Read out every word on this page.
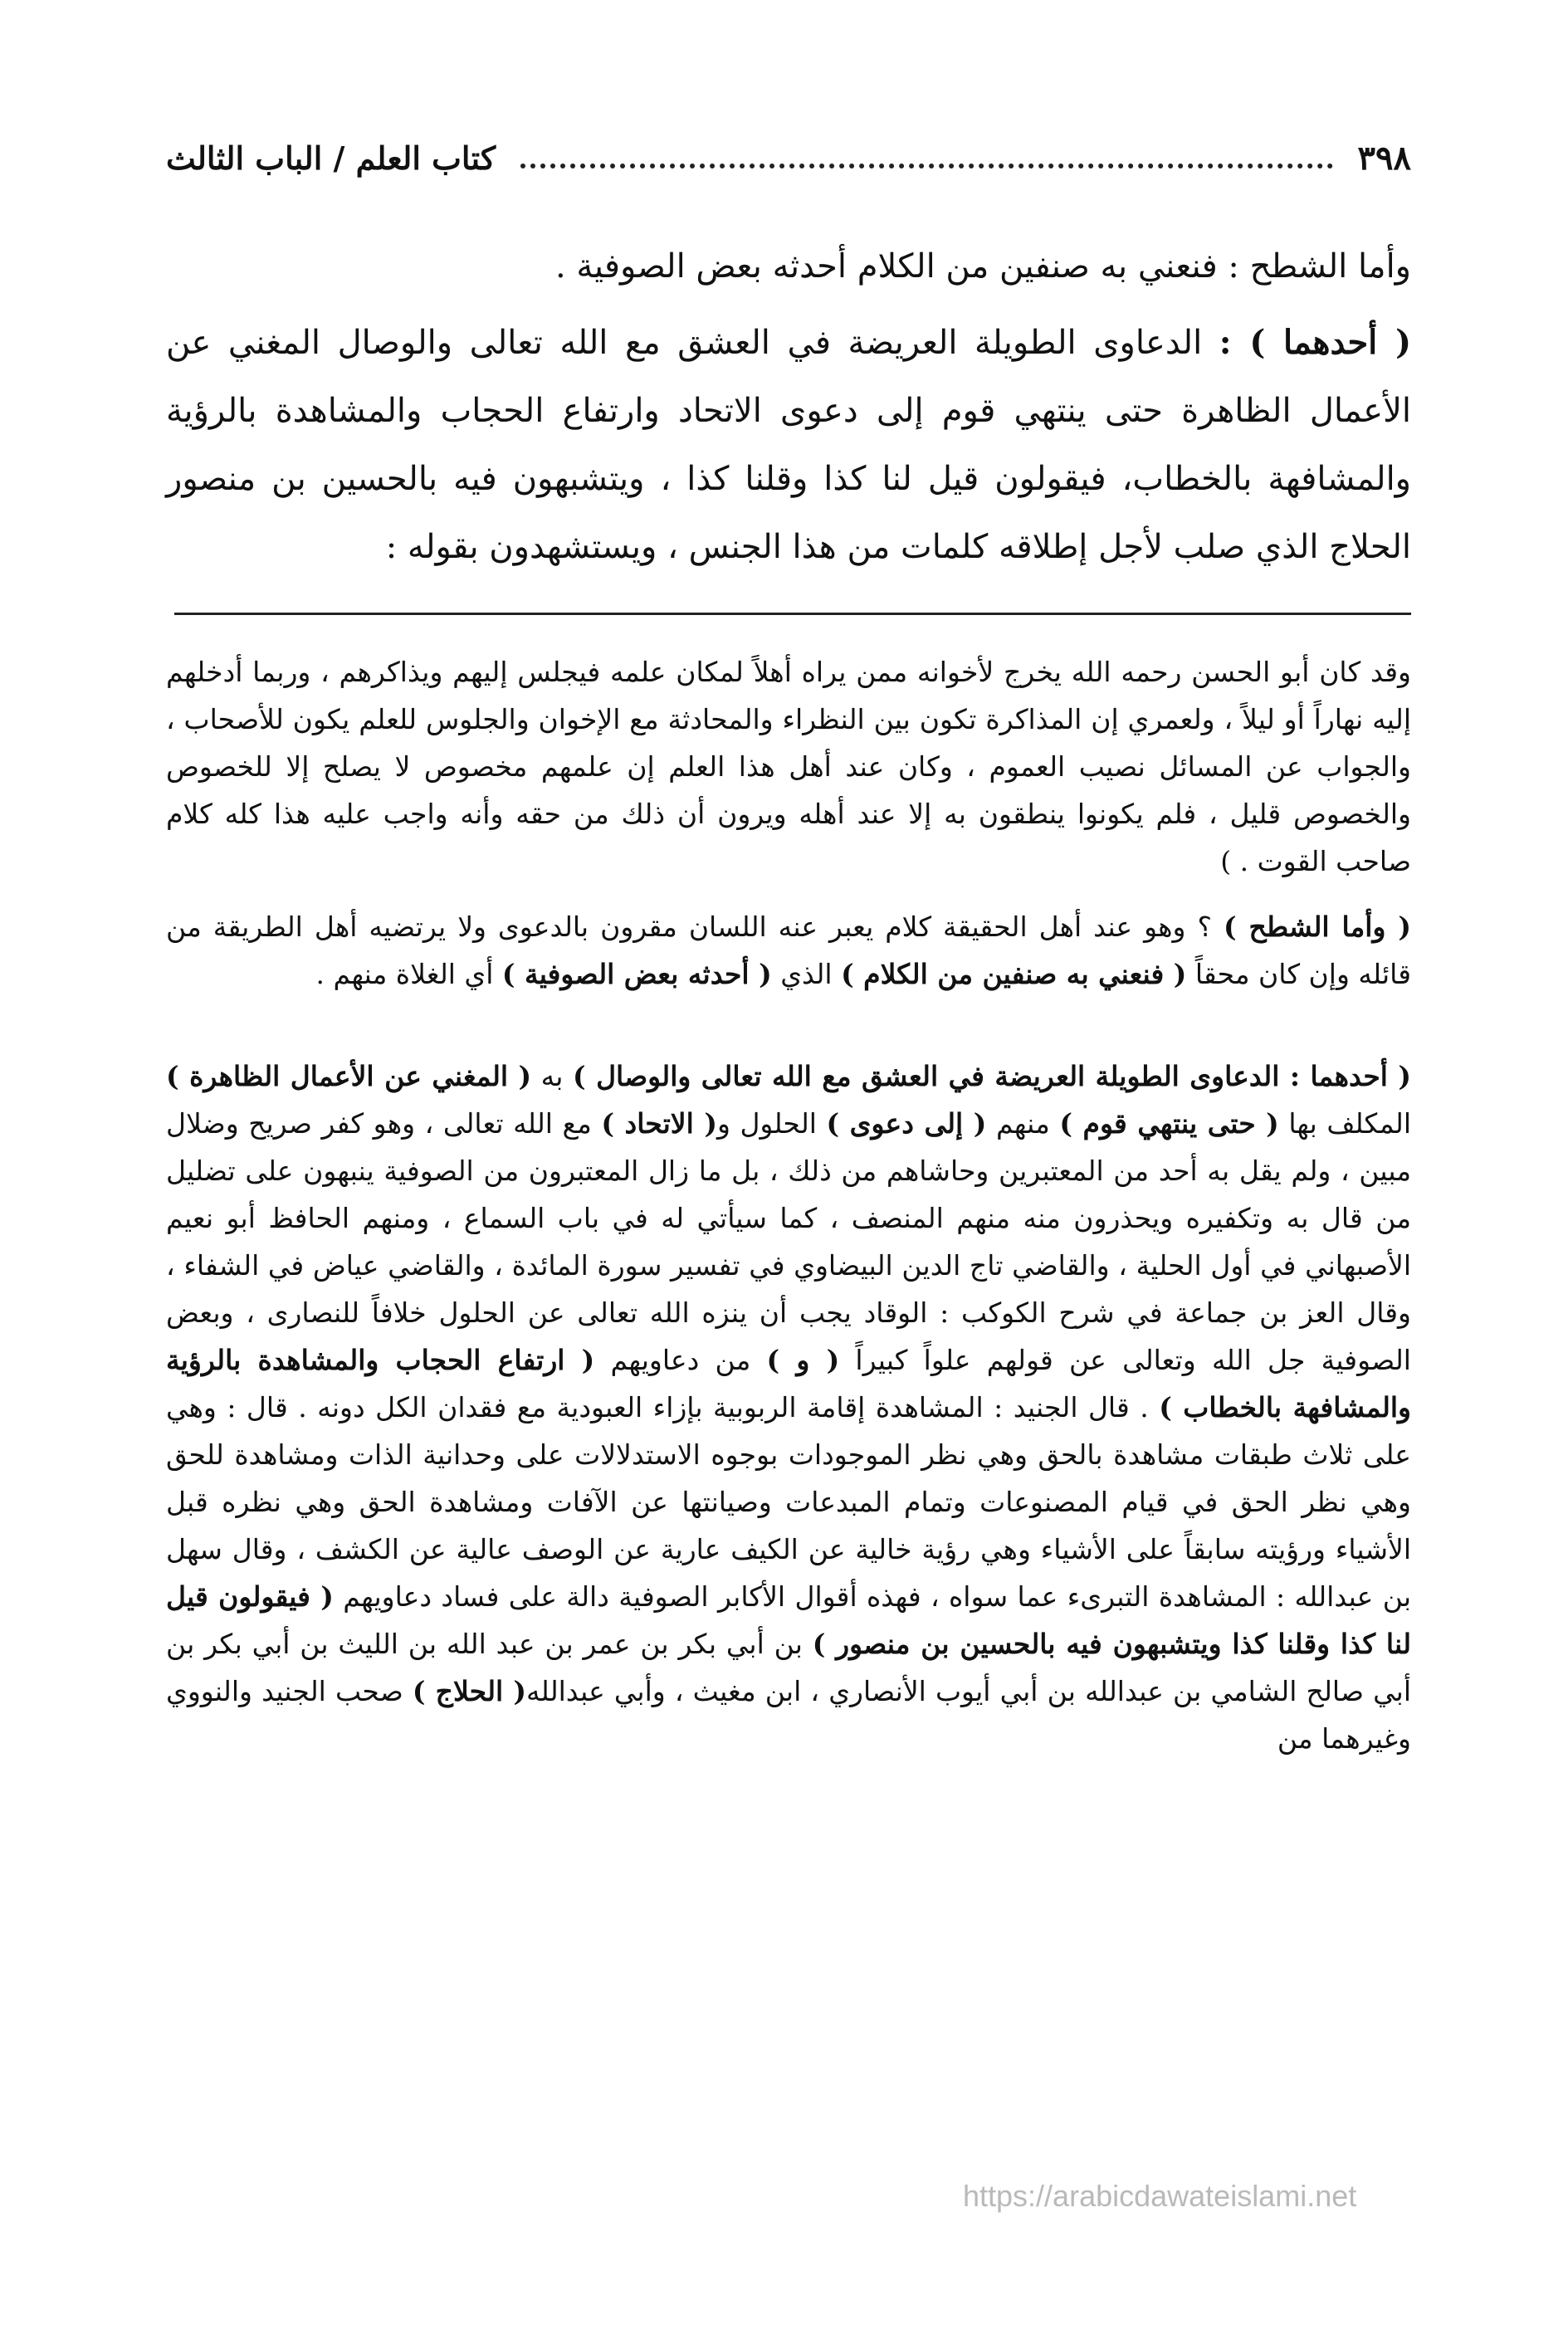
٣٩٨
كتاب العلم / الباب الثالث

وأما الشطح : فنعني به صنفين من الكلام أحدثه بعض الصوفية .

( أحدهما ) : الدعاوى الطويلة العريضة في العشق مع الله تعالى والوصال المغني عن الأعمال الظاهرة حتى ينتهي قوم إلى دعوى الاتحاد وارتفاع الحجاب والمشاهدة بالرؤية والمشافهة بالخطاب، فيقولون قيل لنا كذا وقلنا كذا ، ويتشبهون فيه بالحسين بن منصور الحلاج الذي صلب لأجل إطلاقه كلمات من هذا الجنس ، ويستشهدون بقوله :

وقد كان أبو الحسن رحمه الله يخرج لأخوانه ممن يراه أهلاً لمكان علمه فيجلس إليهم ويذاكرهم ، وربما أدخلهم إليه نهاراً أو ليلاً ، ولعمري إن المذاكرة تكون بين النظراء والمحادثة مع الإخوان والجلوس للعلم يكون للأصحاب ، والجواب عن المسائل نصيب العموم ، وكان عند أهل هذا العلم إن علمهم مخصوص لا يصلح إلا للخصوص والخصوص قليل ، فلم يكونوا ينطقون به إلا عند أهله ويرون أن ذلك من حقه وأنه واجب عليه هذا كله كلام صاحب القوت . )

( وأما الشطح ) ؟ وهو عند أهل الحقيقة كلام يعبر عنه اللسان مقرون بالدعوى ولا يرتضيه أهل الطريقة من قائله وإن كان محقاً ( فنعني به صنفين من الكلام ) الذي ( أحدثه بعض الصوفية ) أي الغلاة منهم .

( أحدهما : الدعاوى الطويلة العريضة في العشق مع الله تعالى والوصال ) به ( المغني عن الأعمال الظاهرة ) المكلف بها ( حتى ينتهي قوم ) منهم ( إلى دعوى ) الحلول و( الاتحاد ) مع الله تعالى ، وهو كفر صريح وضلال مبين ، ولم يقل به أحد من المعتبرين وحاشاهم من ذلك ، بل ما زال المعتبرون من الصوفية ينبهون على تضليل من قال به وتكفيره ويحذرون منه منهم المنصف ، كما سيأتي له في باب السماع ، ومنهم الحافظ أبو نعيم الأصبهاني في أول الحلية ، والقاضي تاج الدين البيضاوي في تفسير سورة المائدة ، والقاضي عياض في الشفاء ، وقال العز بن جماعة في شرح الكوكب : الوقاد يجب أن ينزه الله تعالى عن الحلول خلافاً للنصارى ، وبعض الصوفية جل الله وتعالى عن قولهم علواً كبيراً ( و ) من دعاويهم ( ارتفاع الحجاب والمشاهدة بالرؤية والمشافهة بالخطاب ) . قال الجنيد : المشاهدة إقامة الربوبية بإزاء العبودية مع فقدان الكل دونه . قال : وهي على ثلاث طبقات مشاهدة بالحق وهي نظر الموجودات بوجوه الاستدلالات على وحدانية الذات ومشاهدة للحق وهي نظر الحق في قيام المصنوعات وتمام المبدعات وصيانتها عن الآفات ومشاهدة الحق وهي نظره قبل الأشياء ورؤيته سابقاً على الأشياء وهي رؤية خالية عن الكيف عارية عن الوصف عالية عن الكشف ، وقال سهل بن عبدالله : المشاهدة التبرىء عما سواه ، فهذه أقوال الأكابر الصوفية دالة على فساد دعاويهم ( فيقولون قيل لنا كذا وقلنا كذا ويتشبهون فيه بالحسين بن منصور ) بن أبي بكر بن عمر بن عبد الله بن الليث بن أبي بكر بن أبي صالح الشامي بن عبدالله بن أبي أيوب الأنصاري ، ابن مغيث ، وأبي عبدالله( الحلاج ) صحب الجنيد والنووي وغيرهما من

https://arabicdawateislami.net
